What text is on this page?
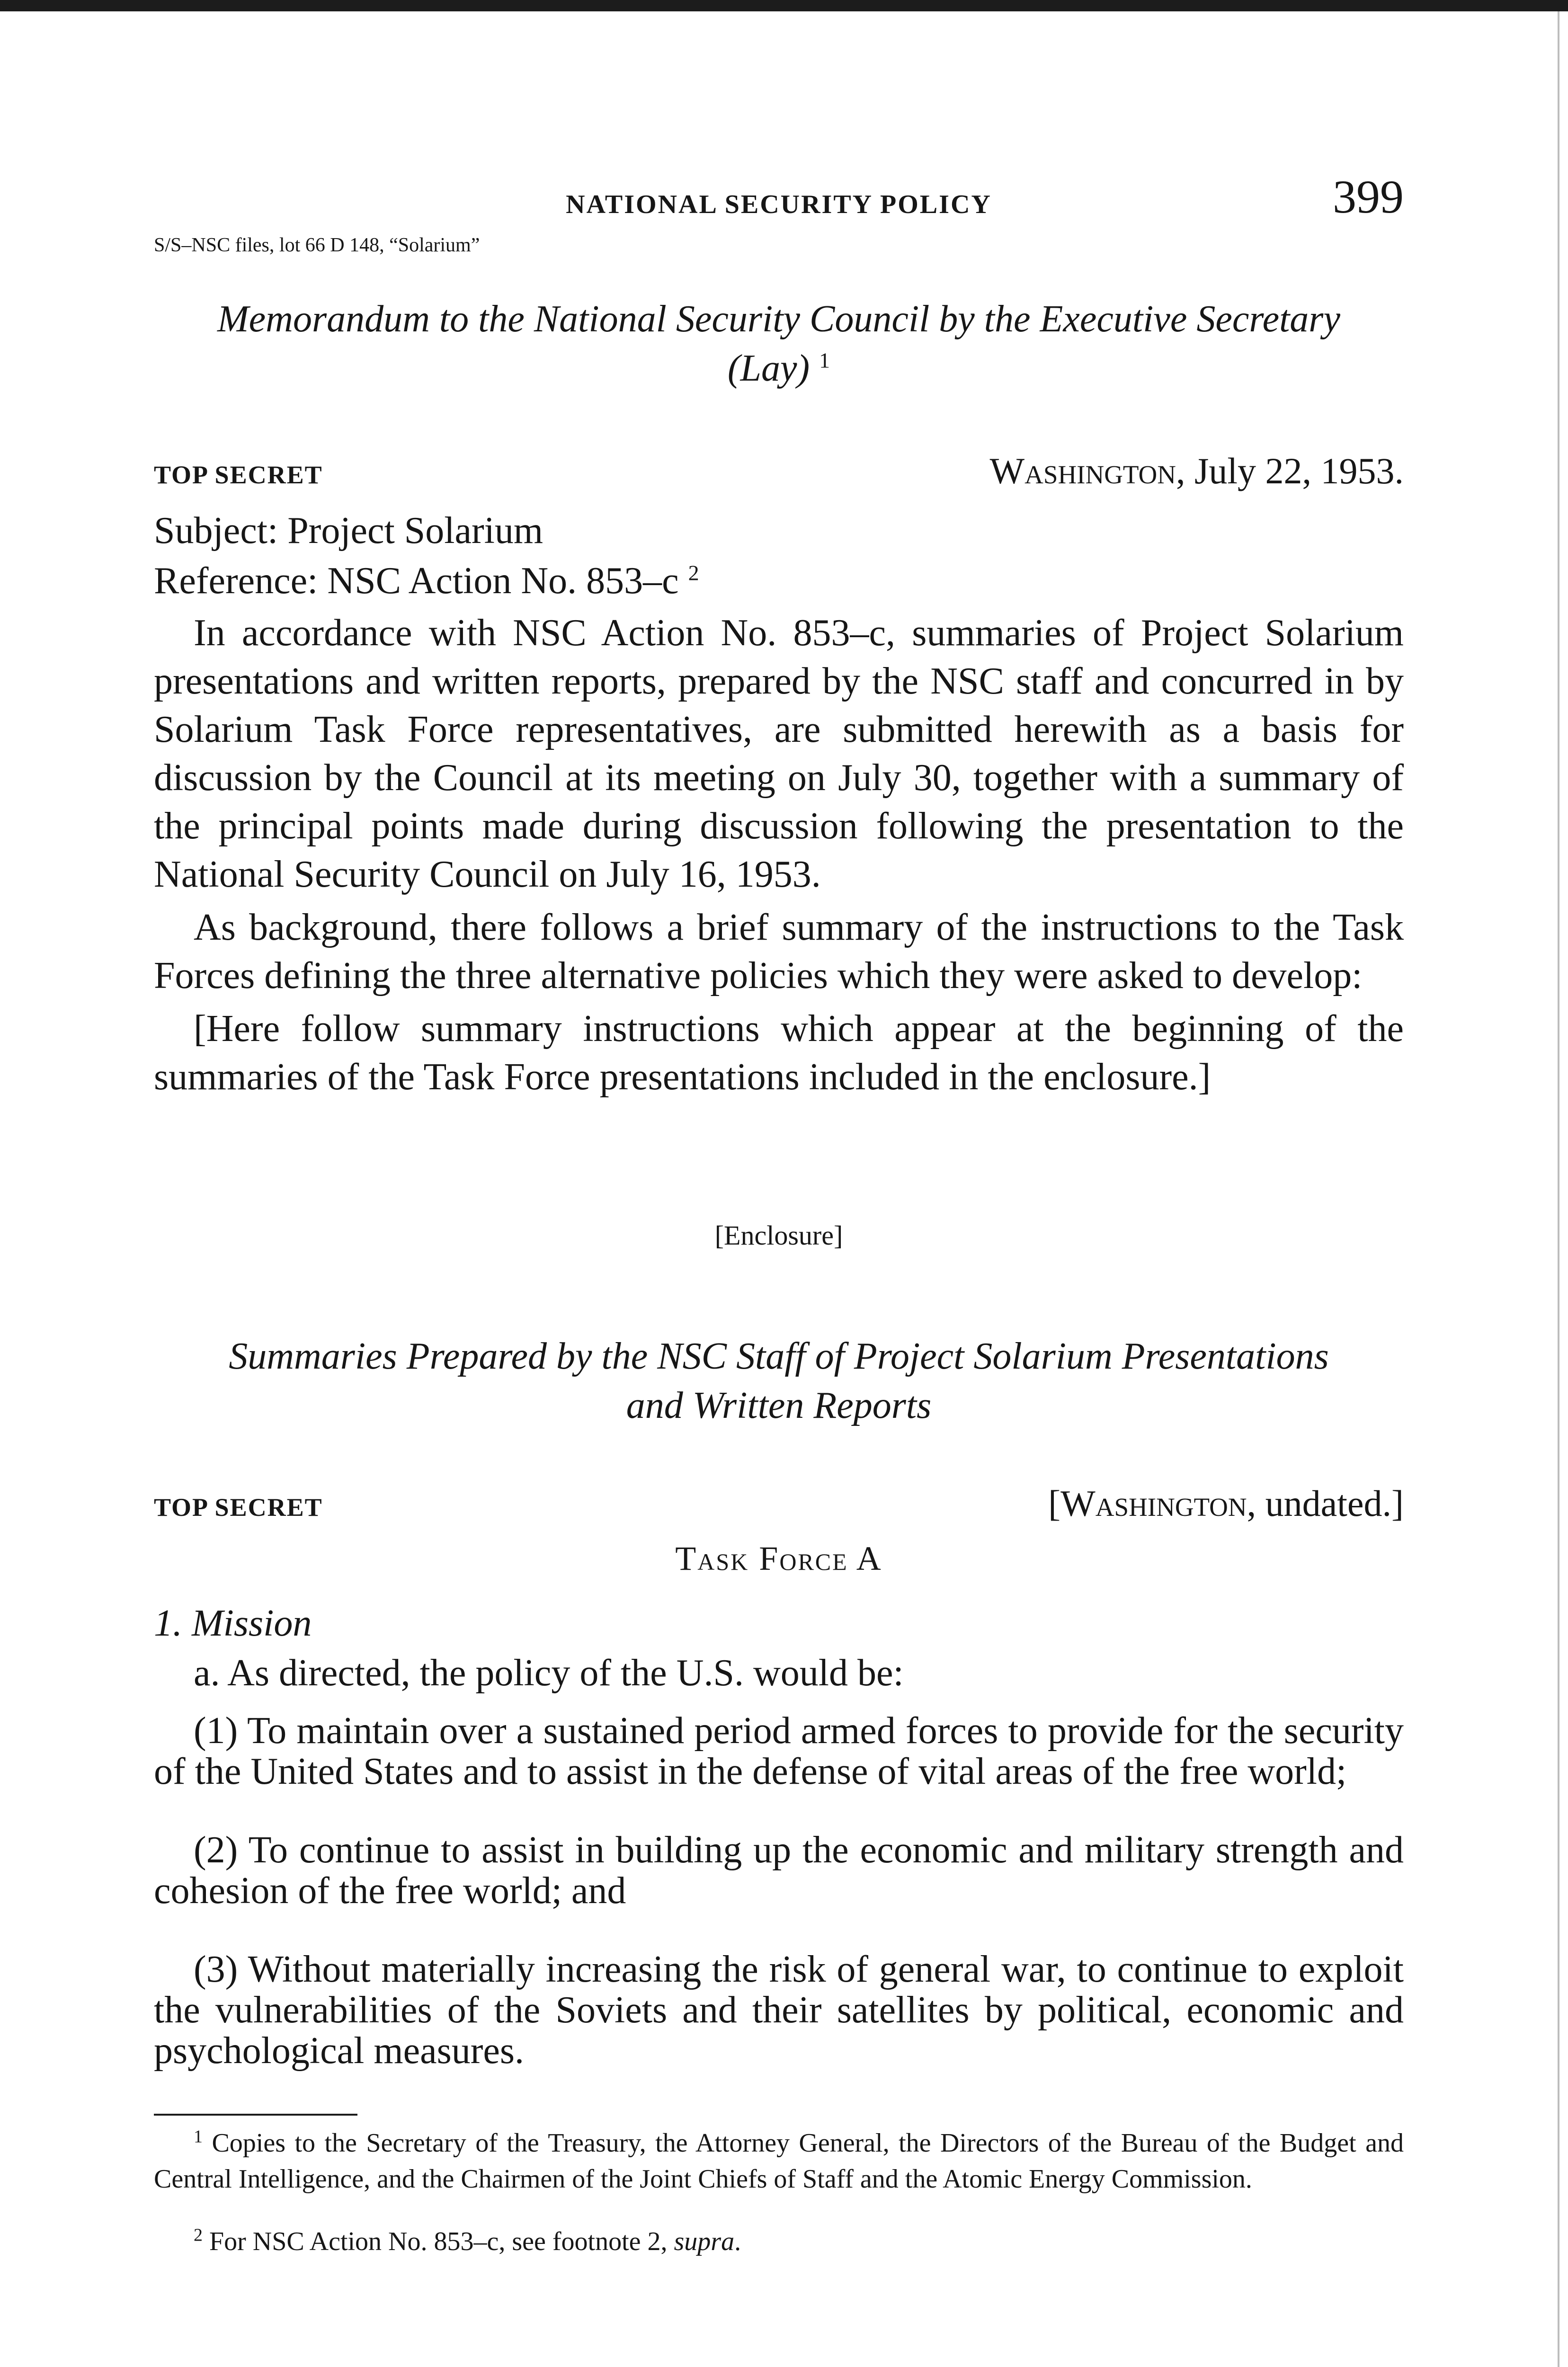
NATIONAL SECURITY POLICY	399
S/S–NSC files, lot 66 D 148, “Solarium”
Memorandum to the National Security Council by the Executive Secretary (Lay) $^1$
TOP SECRET	Washington, July 22, 1953.
Subject: Project Solarium
Reference: NSC Action No. 853–c $^2$

In accordance with NSC Action No. 853–c, summaries of Project Solarium presentations and written reports, prepared by the NSC staff and concurred in by Solarium Task Force representatives, are submitted herewith as a basis for discussion by the Council at its meeting on July 30, together with a summary of the principal points made during discussion following the presentation to the National Security Council on July 16, 1953.

As background, there follows a brief summary of the instructions to the Task Forces defining the three alternative policies which they were asked to develop:

[Here follow summary instructions which appear at the beginning of the summaries of the Task Force presentations included in the enclosure.]

[Enclosure]
Summaries Prepared by the NSC Staff of Project Solarium Presentations and Written Reports
TOP SECRET	[Washington, undated.]
Task Force A
1. Mission
a. As directed, the policy of the U.S. would be:

(1) To maintain over a sustained period armed forces to provide for the security of the United States and to assist in the defense of vital areas of the free world;

(2) To continue to assist in building up the economic and military strength and cohesion of the free world; and

(3) Without materially increasing the risk of general war, to continue to exploit the vulnerabilities of the Soviets and their satellites by political, economic and psychological measures.

$^1$ Copies to the Secretary of the Treasury, the Attorney General, the Directors of the Bureau of the Budget and Central Intelligence, and the Chairmen of the Joint Chiefs of Staff and the Atomic Energy Commission.

$^2$ For NSC Action No. 853–c, see footnote 2, supra.
